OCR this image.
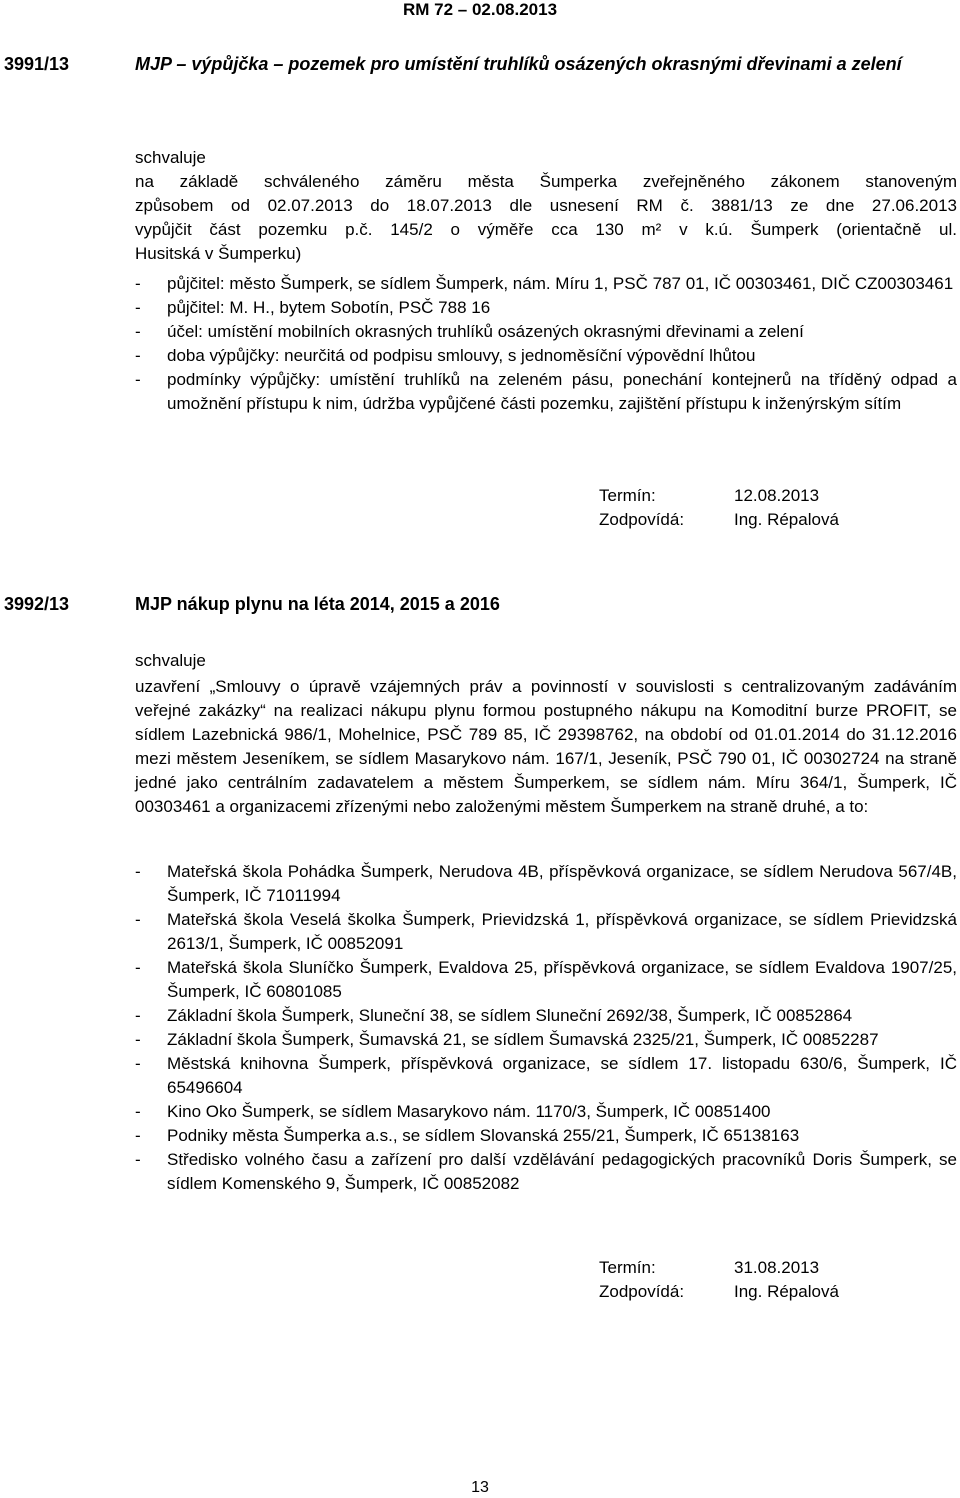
RM 72 – 02.08.2013
3991/13	MJP – výpůjčka – pozemek pro umístění truhlíků osázených okrasnými dřevinami a zelení
schvaluje
na základě schváleného záměru města Šumperka zveřejněného zákonem stanoveným
způsobem od 02.07.2013 do 18.07.2013 dle usnesení RM č. 3881/13 ze dne 27.06.2013
vypůjčit část pozemku p.č. 145/2 o výměře cca 130 m² v k.ú. Šumperk (orientačně ul.
Husitská v Šumperku)
- půjčitel: město Šumperk, se sídlem Šumperk, nám. Míru 1, PSČ 787 01, IČ 00303461, DIČ CZ00303461
- půjčitel: M. H., bytem Sobotín, PSČ 788 16
- účel: umístění mobilních okrasných truhlíků osázených okrasnými dřevinami a zelení
- doba výpůjčky: neurčitá od podpisu smlouvy, s jednoměsíční výpovědní lhůtou
- podmínky výpůjčky: umístění truhlíků na zeleném pásu, ponechání kontejnerů na tříděný odpad a umožnění přístupu k nim, údržba vypůjčené části pozemku, zajištění přístupu k inženýrským sítím
Termín:	12.08.2013
Zodpovídá:	Ing. Répalová
3992/13	MJP nákup plynu na léta 2014, 2015 a 2016
schvaluje
uzavření „Smlouvy o úpravě vzájemných práv a povinností v souvislosti s centralizovaným zadáváním veřejné zakázky“ na realizaci nákupu plynu formou postupného nákupu na Komoditní burze PROFIT, se sídlem Lazebnická 986/1, Mohelnice, PSČ 789 85, IČ 29398762, na období od 01.01.2014 do 31.12.2016 mezi městem Jeseníkem, se sídlem Masarykovo nám. 167/1, Jeseník, PSČ 790 01, IČ 00302724 na straně jedné jako centrálním zadavatelem a městem Šumperkem, se sídlem nám. Míru 364/1, Šumperk, IČ 00303461 a organizacemi zřízenými nebo založenými městem Šumperkem na straně druhé, a to:
- Mateřská škola Pohádka Šumperk, Nerudova 4B, příspěvková organizace, se sídlem Nerudova 567/4B, Šumperk, IČ 71011994
- Mateřská škola Veselá školka Šumperk, Prievidzská 1, příspěvková organizace, se sídlem Prievidzská 2613/1, Šumperk, IČ 00852091
- Mateřská škola Sluníčko Šumperk, Evaldova 25, příspěvková organizace, se sídlem Evaldova 1907/25, Šumperk, IČ 60801085
- Základní škola Šumperk, Sluneční 38, se sídlem Sluneční 2692/38, Šumperk, IČ 00852864
- Základní škola Šumperk, Šumavská 21, se sídlem Šumavská 2325/21, Šumperk, IČ 00852287
- Městská knihovna Šumperk, příspěvková organizace, se sídlem 17. listopadu 630/6, Šumperk, IČ 65496604
- Kino Oko Šumperk, se sídlem Masarykovo nám. 1170/3, Šumperk, IČ 00851400
- Podniky města Šumperka a.s., se sídlem Slovanská 255/21, Šumperk, IČ 65138163
- Středisko volného času a zařízení pro další vzdělávání pedagogických pracovníků Doris Šumperk, se sídlem Komenského 9, Šumperk, IČ 00852082
Termín:	31.08.2013
Zodpovídá:	Ing. Répalová
13
